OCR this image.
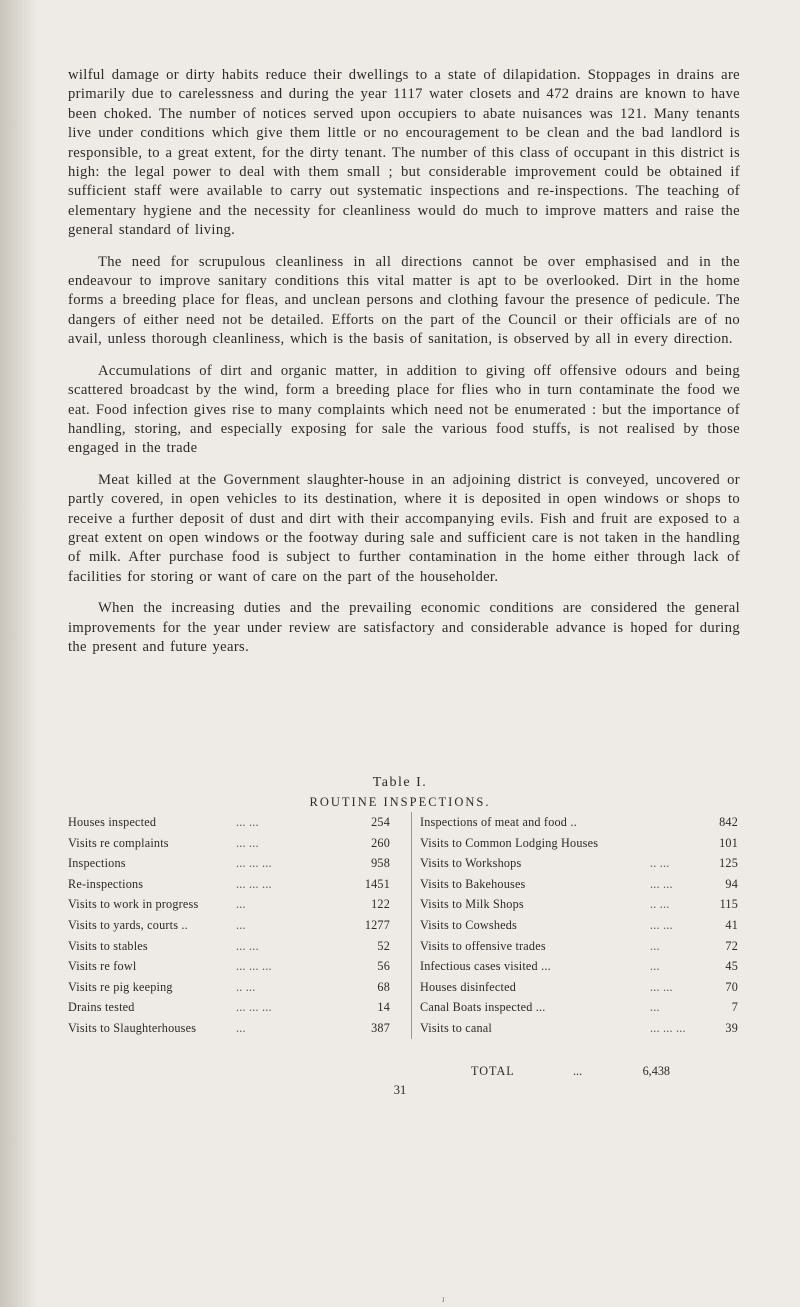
wilful damage or dirty habits reduce their dwellings to a state of dilapidation. Stoppages in drains are primarily due to carelessness and during the year 1117 water closets and 472 drains are known to have been choked. The number of notices served upon occupiers to abate nuisances was 121. Many tenants live under conditions which give them little or no encouragement to be clean and the bad landlord is responsible, to a great extent, for the dirty tenant. The number of this class of occupant in this district is high: the legal power to deal with them small ; but considerable improvement could be obtained if sufficient staff were available to carry out systematic inspections and re-inspections. The teaching of elementary hygiene and the necessity for cleanliness would do much to improve matters and raise the general standard of living.

The need for scrupulous cleanliness in all directions cannot be over emphasised and in the endeavour to improve sanitary conditions this vital matter is apt to be overlooked. Dirt in the home forms a breeding place for fleas, and unclean persons and clothing favour the presence of pedicule. The dangers of either need not be detailed. Efforts on the part of the Council or their officials are of no avail, unless thorough cleanliness, which is the basis of sanitation, is observed by all in every direction.

Accumulations of dirt and organic matter, in addition to giving off offensive odours and being scattered broadcast by the wind, form a breeding place for flies who in turn contaminate the food we eat. Food infection gives rise to many complaints which need not be enumerated : but the importance of handling, storing, and especially exposing for sale the various food stuffs, is not realised by those engaged in the trade

Meat killed at the Government slaughter-house in an adjoining district is conveyed, uncovered or partly covered, in open vehicles to its destination, where it is deposited in open windows or shops to receive a further deposit of dust and dirt with their accompanying evils. Fish and fruit are exposed to a great extent on open windows or the footway during sale and sufficient care is not taken in the handling of milk. After purchase food is subject to further contamination in the home either through lack of facilities for storing or want of care on the part of the householder.

When the increasing duties and the prevailing economic conditions are considered the general improvements for the year under review are satisfactory and considerable advance is hoped for during the present and future years.

Table I.
ROUTINE INSPECTIONS.
Houses inspected	... ...	254
Visits re complaints	... ...	260
Inspections	... ... ...	958
Re-inspections	... ... ...	1451
Visits to work in progress	...	122
Visits to yards, courts ..	...	1277
Visits to stables	... ...	52
Visits re fowl	... ... ...	56
Visits re pig keeping	.. ...	68
Drains tested	... ... ...	14
Visits to Slaughterhouses	...	387
Inspections of meat and food ..	842
Visits to Common Lodging Houses	101
Visits to Workshops	.. ...	125
Visits to Bakehouses	... ...	94
Visits to Milk Shops	.. ...	115
Visits to Cowsheds	... ...	41
Visits to offensive trades	...	72
Infectious cases visited ...	...	45
Houses disinfected	... ...	70
Canal Boats inspected ...	...	7
Visits to canal	... ... ...	39
TOTAL	...	6,438
31
ᴊ
